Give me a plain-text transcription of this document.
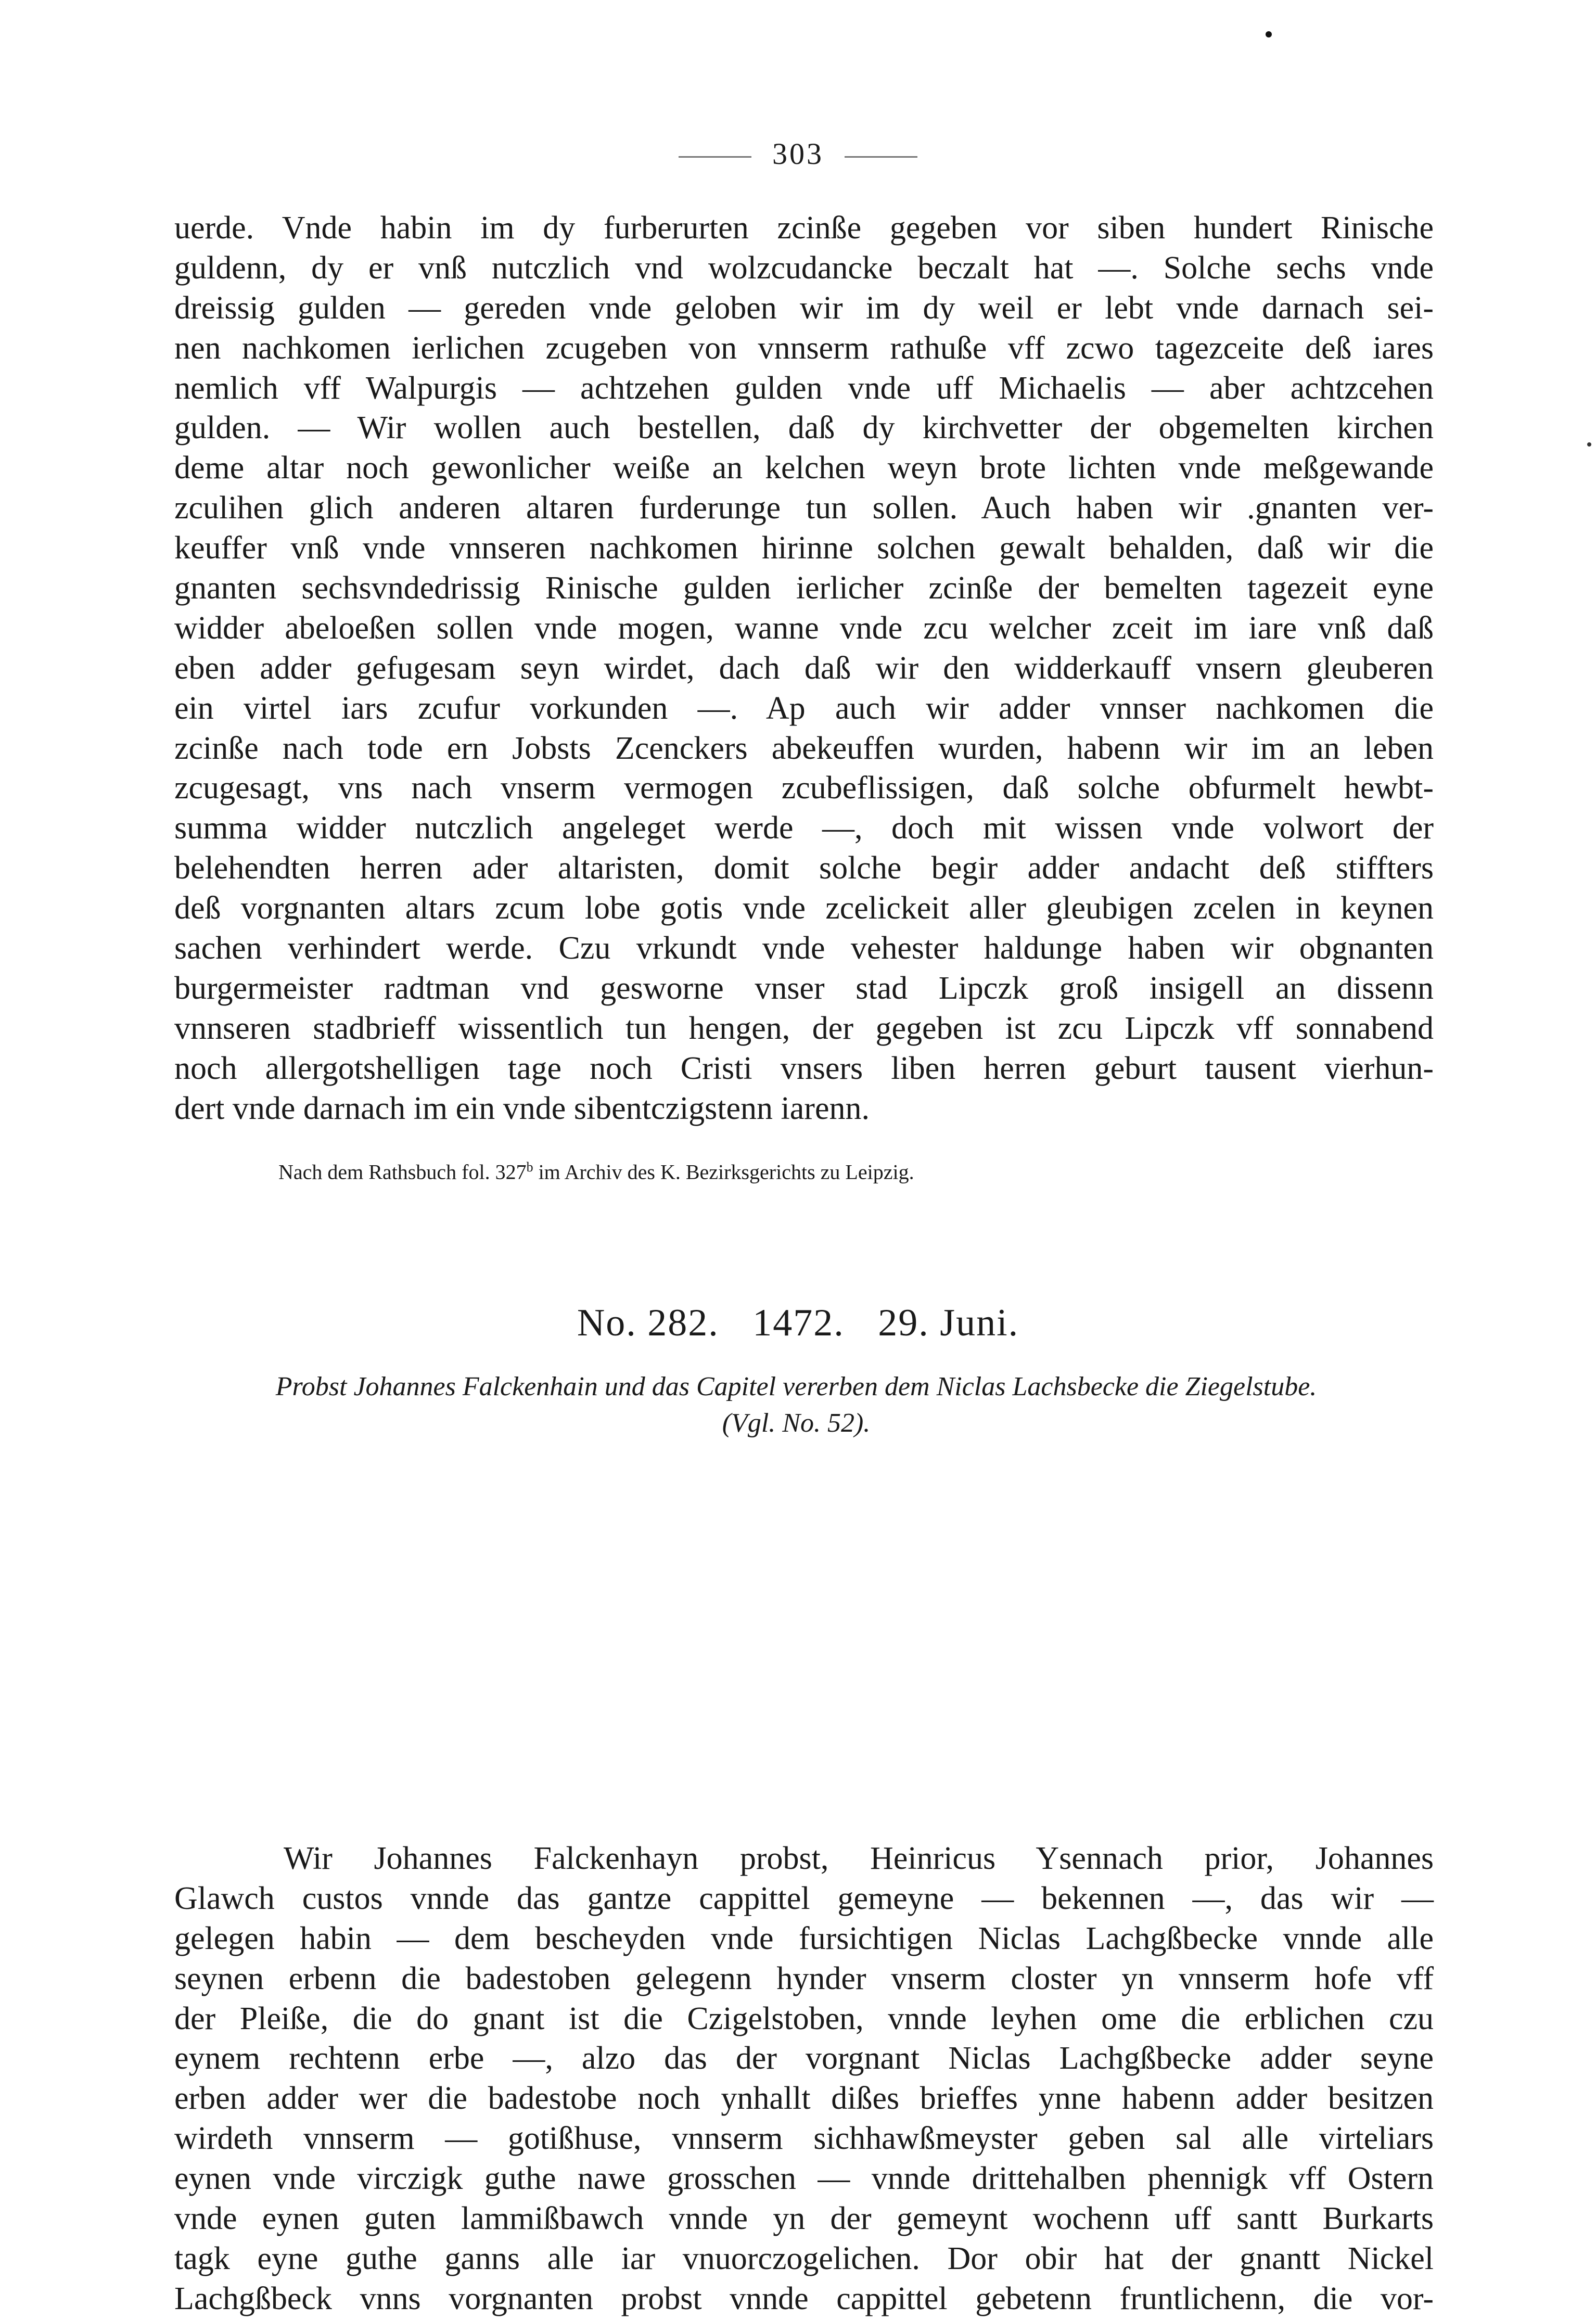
303
uerde. Vnde habin im dy furberurten zcinße gegeben vor siben hundert Rinische
guldenn, dy er vnß nutczlich vnd wolzcudancke beczalt hat —. Solche sechs vnde
dreissig gulden — gereden vnde geloben wir im dy weil er lebt vnde darnach sei-
nen nachkomen ierlichen zcugeben von vnnserm rathuße vff zcwo tagezceite deß iares
nemlich vff Walpurgis — achtzehen gulden vnde uff Michaelis — aber achtzcehen
gulden. — Wir wollen auch bestellen, daß dy kirchvetter der obgemelten kirchen
deme altar noch gewonlicher weiße an kelchen weyn brote lichten vnde meßgewande
zculihen glich anderen altaren furderunge tun sollen. Auch haben wir .gnanten ver-
keuffer vnß vnde vnnseren nachkomen hirinne solchen gewalt behalden, daß wir die
gnanten sechsvndedrissig Rinische gulden ierlicher zcinße der bemelten tagezeit eyne
widder abeloeßen sollen vnde mogen, wanne vnde zcu welcher zceit im iare vnß daß
eben adder gefugesam seyn wirdet, dach daß wir den widderkauff vnsern gleuberen
ein virtel iars zcufur vorkunden —. Ap auch wir adder vnnser nachkomen die
zcinße nach tode ern Jobsts Zcenckers abekeuffen wurden, habenn wir im an leben
zcugesagt, vns nach vnserm vermogen zcubeflissigen, daß solche obfurmelt hewbt-
summa widder nutczlich angeleget werde —, doch mit wissen vnde volwort der
belehendten herren ader altaristen, domit solche begir adder andacht deß stiffters
deß vorgnanten altars zcum lobe gotis vnde zcelickeit aller gleubigen zcelen in keynen
sachen verhindert werde. Czu vrkundt vnde vehester haldunge haben wir obgnanten
burgermeister radtman vnd gesworne vnser stad Lipczk groß insigell an dissenn
vnnseren stadbrieff wissentlich tun hengen, der gegeben ist zcu Lipczk vff sonnabend
noch allergotshelligen tage noch Cristi vnsers liben herren geburt tausent vierhun-
dert vnde darnach im ein vnde sibentczigstenn iarenn.
Nach dem Rathsbuch fol. 327$^b$ im Archiv des K. Bezirksgerichts zu Leipzig.
No. 282. 1472. 29. Juni.
Probst Johannes Falckenhain und das Capitel vererben dem Niclas Lachsbecke die Ziegelstube.
(Vgl. No. 52).
Wir Johannes Falckenhayn probst, Heinricus Ysennach prior, Johannes
Glawch custos vnnde das gantze cappittel gemeyne — bekennen —, das wir —
gelegen habin — dem bescheyden vnde fursichtigen Niclas Lachgßbecke vnnde alle
seynen erbenn die badestoben gelegenn hynder vnserm closter yn vnnserm hofe vff
der Pleiße, die do gnant ist die Czigelstoben, vnnde leyhen ome die erblichen czu
eynem rechtenn erbe —, alzo das der vorgnant Niclas Lachgßbecke adder seyne
erben adder wer die badestobe noch ynhallt dißes brieffes ynne habenn adder besitzen
wirdeth vnnserm — gotißhuse, vnnserm sichhawßmeyster geben sal alle virteliars
eynen vnde virczigk guthe nawe grosschen — vnnde drittehalben phennigk vff Ostern
vnde eynen guten lammißbawch vnnde yn der gemeynt wochenn uff santt Burkarts
tagk eyne guthe ganns alle iar vnuorczogelichen. Dor obir hat der gnantt Nickel
Lachgßbeck vnns vorgnanten probst vnnde cappittel gebetenn fruntlichenn, die vor-
